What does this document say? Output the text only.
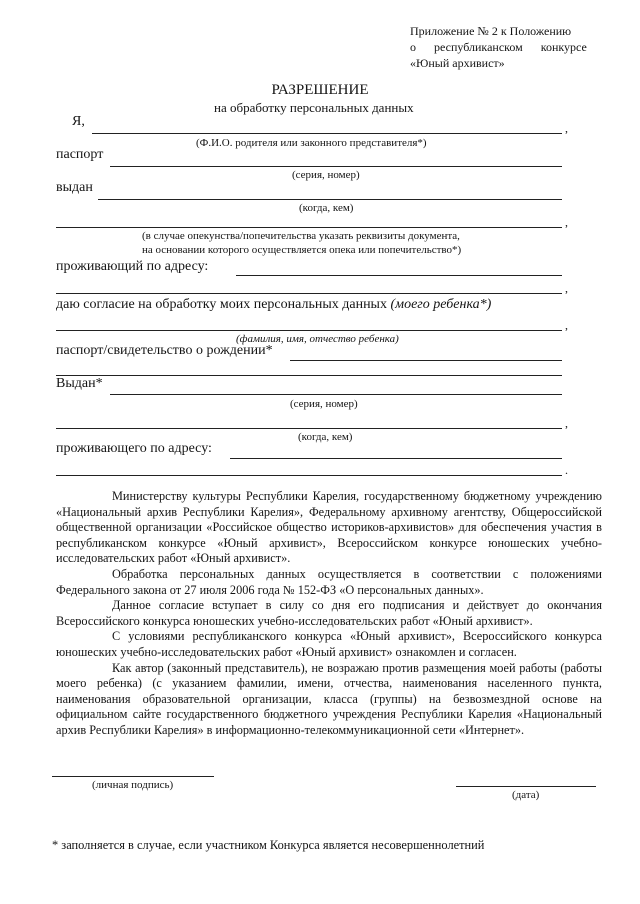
Приложение № 2 к Положению
о      республиканском      конкурсе
«Юный архивист»
РАЗРЕШЕНИЕ
на обработку персональных данных
Я,	,
(Ф.И.О. родителя или законного представителя*)
паспорт
(серия, номер)
выдан
(когда, кем)
,
(в случае опекунства/попечительства указать реквизиты документа,
на основании которого осуществляется опека или попечительство*)
проживающий по адресу:
,
даю согласие на обработку моих персональных данных (моего ребенка*)
,
(фамилия, имя, отчество ребенка)
паспорт/свидетельство о рождении*
Выдан*
(серия, номер)
,
(когда, кем)
проживающего по адресу:
.

Министерству культуры Республики Карелия, государственному бюджетному учреждению «Национальный архив Республики Карелия», Федеральному архивному агентству, Общероссийской общественной организации «Российское общество историков-архивистов» для обеспечения участия в республиканском конкурсе «Юный архивист», Всероссийском конкурсе юношеских учебно-исследовательских работ «Юный архивист».

Обработка персональных данных осуществляется в соответствии с положениями Федерального закона от 27 июля 2006 года № 152-ФЗ «О персональных данных».

Данное согласие вступает в силу со дня его подписания и действует до окончания Всероссийского конкурса юношеских учебно-исследовательских работ «Юный архивист».

С условиями республиканского конкурса «Юный архивист», Всероссийского конкурса юношеских учебно-исследовательских работ «Юный архивист» ознакомлен и согласен.

Как автор (законный представитель), не возражаю против размещения моей работы (работы моего ребенка) (с указанием фамилии, имени, отчества, наименования населенного пункта, наименования образовательной организации, класса (группы) на безвозмездной основе на официальном сайте государственного бюджетного учреждения Республики Карелия «Национальный архив Республики Карелия» в информационно-телекоммуникационной сети «Интернет».

(личная подпись)
(дата)
* заполняется в случае, если участником Конкурса является несовершеннолетний
